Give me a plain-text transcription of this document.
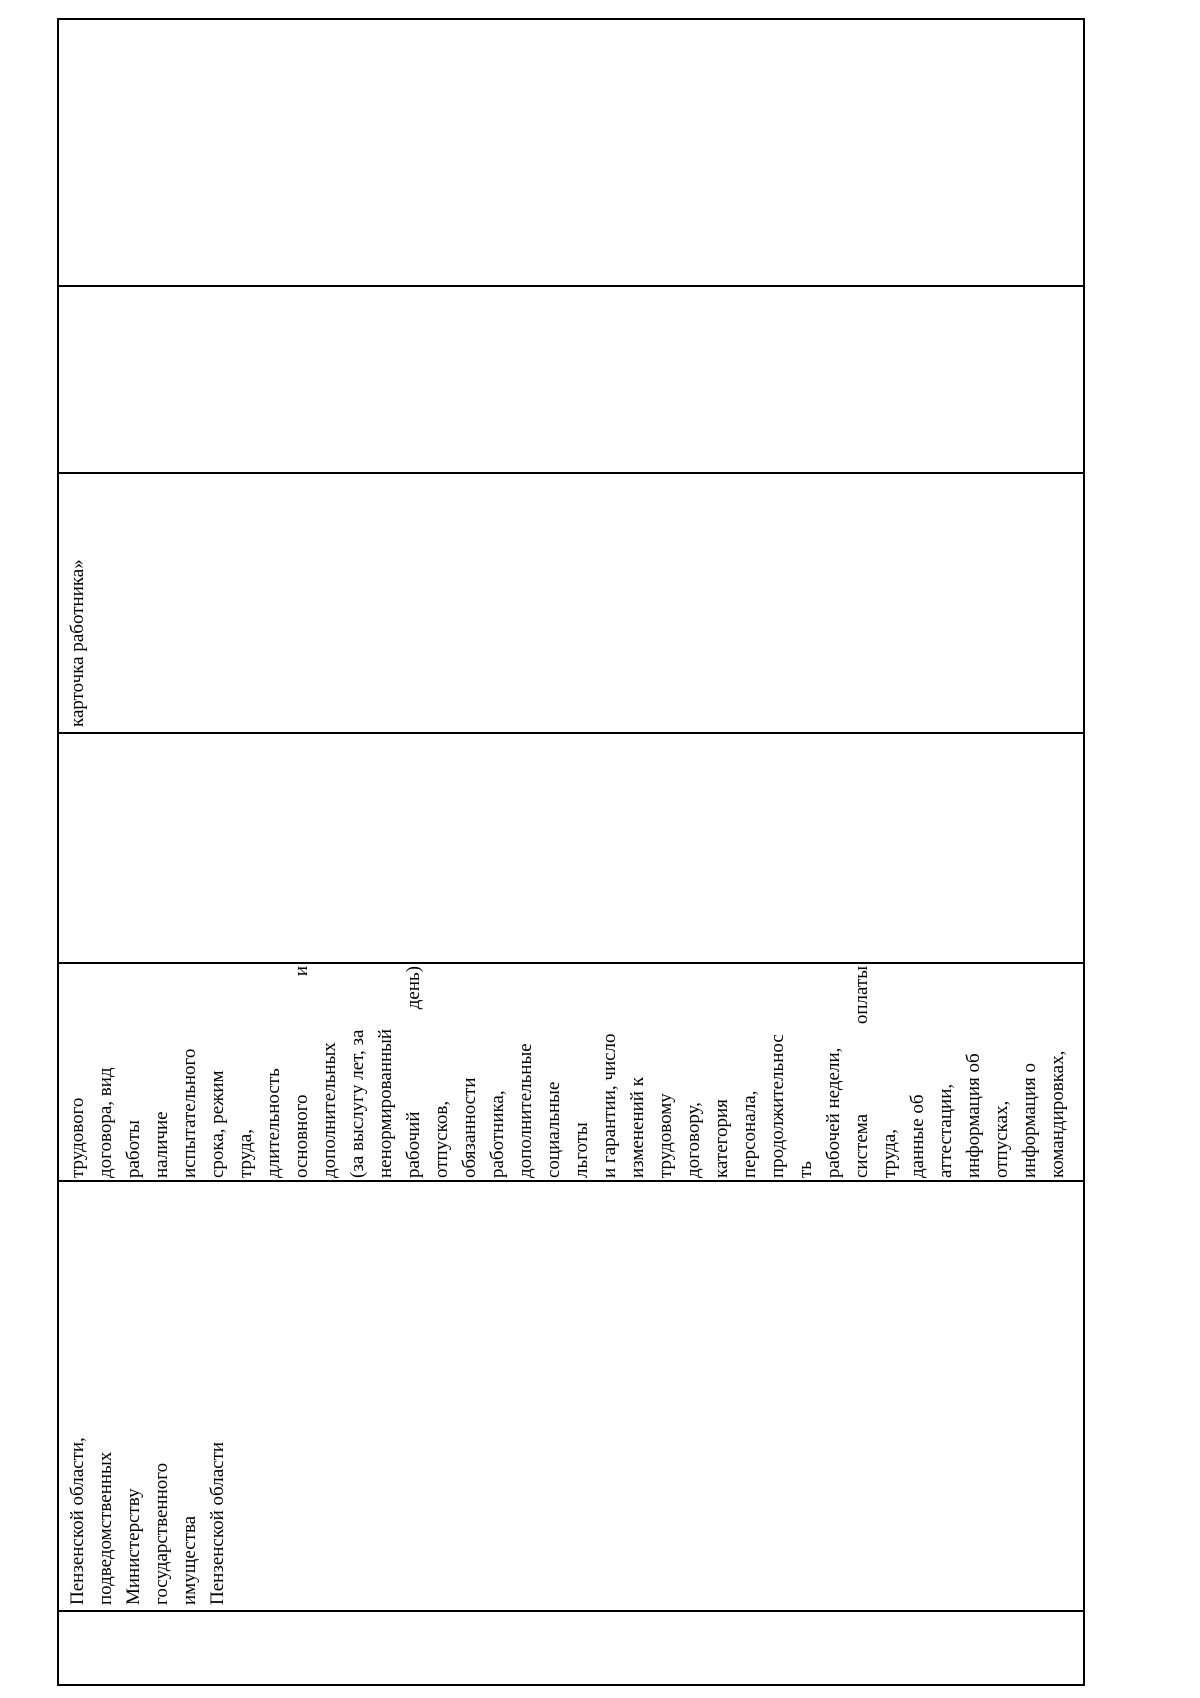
Пензенской области, подведомственных Министерству государственного имущества Пензенской области
трудового договора, вид работы наличие испытательного срока, режим труда, длительность основного
и
дополнительных (за выслугу лет, за ненормированный рабочий
день)
отпусков, обязанности работника, дополнительные социальные льготы и гарантии, число изменений к трудовому договору, категория персонала, продолжительнос ть рабочей недели, система
оплаты
труда, данные об аттестации, информация об отпусках, информация о командировках,
карточка работника»
